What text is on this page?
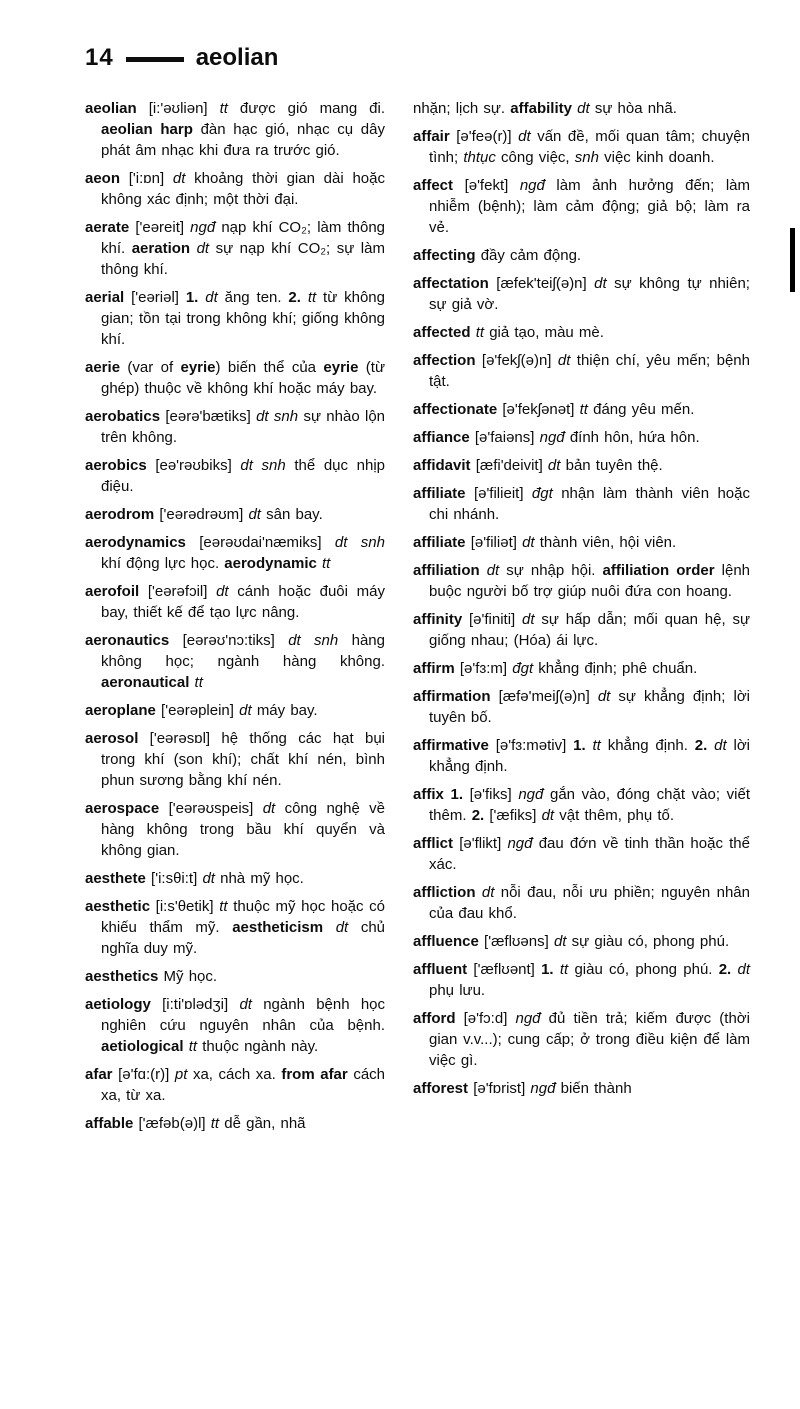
14	aeolian

aeolian [i:'əʊliən] tt được gió mang đi. aeolian harp đàn hạc gió, nhạc cụ dây phát âm nhạc khi đưa ra trước gió.

aeon ['i:ɒn] dt khoảng thời gian dài hoặc không xác định; một thời đại.

aerate ['eəreit] ngđ nạp khí CO₂; làm thông khí. aeration dt sự nạp khí CO₂; sự làm thông khí.

aerial ['eəriəl] 1. dt ăng ten. 2. tt từ không gian; tồn tại trong không khí; giống không khí.

aerie (var of eyrie) biến thể của eyrie (từ ghép) thuộc về không khí hoặc máy bay.

aerobatics [eərə'bætiks] dt snh sự nhào lộn trên không.

aerobics [eə'rəʊbiks] dt snh thể dục nhịp điệu.

aerodrom ['eərədrəʊm] dt sân bay.

aerodynamics [eərəʊdai'næmiks] dt snh khí động lực học. aerodynamic tt

aerofoil ['eərəfɔil] dt cánh hoặc đuôi máy bay, thiết kế để tạo lực nâng.

aeronautics [eərəʊ'nɔ:tiks] dt snh hàng không học; ngành hàng không. aeronautical tt

aeroplane ['eərəplein] dt máy bay.

aerosol ['eərəsɒl] hệ thống các hạt bụi trong khí (son khí); chất khí nén, bình phun sương bằng khí nén.

aerospace ['eərəʊspeis] dt công nghệ về hàng không trong bầu khí quyển và không gian.

aesthete ['i:sθi:t] dt nhà mỹ học.

aesthetic [i:s'θetik] tt thuộc mỹ học hoặc có khiếu thẩm mỹ. aestheticism dt chủ nghĩa duy mỹ.

aesthetics Mỹ học.

aetiology [i:ti'ɒlədʒi] dt ngành bệnh học nghiên cứu nguyên nhân của bệnh. aetiological tt thuộc ngành này.

afar [ə'fɑ:(r)] pt xa, cách xa. from afar cách xa, từ xa.

affable ['æfəb(ə)l] tt dễ gần, nhã

nhặn; lịch sự. affability dt sự hòa nhã.

affair [ə'feə(r)] dt vấn đề, mối quan tâm; chuyện tình; thtục công việc, snh việc kinh doanh.

affect [ə'fekt] ngđ làm ảnh hưởng đến; làm nhiễm (bệnh); làm cảm động; giả bộ; làm ra vẻ.

affecting đầy cảm động.

affectation [æfek'teiʃ(ə)n] dt sự không tự nhiên; sự giả vờ.

affected tt giả tạo, màu mè.

affection [ə'fekʃ(ə)n] dt thiện chí, yêu mến; bệnh tật.

affectionate [ə'fekʃənət] tt đáng yêu mến.

affiance [ə'faiəns] ngđ đính hôn, hứa hôn.

affidavit [æfi'deivit] dt bản tuyên thệ.

affiliate [ə'filieit] đgt nhận làm thành viên hoặc chi nhánh.

affiliate [ə'filiət] dt thành viên, hội viên.

affiliation dt sự nhập hội. affiliation order lệnh buộc người bố trợ giúp nuôi đứa con hoang.

affinity [ə'finiti] dt sự hấp dẫn; mối quan hệ, sự giống nhau; (Hóa) ái lực.

affirm [ə'fɜ:m] đgt khẳng định; phê chuẩn.

affirmation [æfə'meiʃ(ə)n] dt sự khẳng định; lời tuyên bố.

affirmative [ə'fɜ:mətiv] 1. tt khẳng định. 2. dt lời khẳng định.

affix 1. [ə'fiks] ngđ gắn vào, đóng chặt vào; viết thêm. 2. ['æfiks] dt vật thêm, phụ tố.

afflict [ə'flikt] ngđ đau đớn về tinh thần hoặc thể xác.

affliction dt nỗi đau, nỗi ưu phiền; nguyên nhân của đau khổ.

affluence ['æflʊəns] dt sự giàu có, phong phú.

affluent ['æflʊənt] 1. tt giàu có, phong phú. 2. dt phụ lưu.

afford [ə'fɔ:d] ngđ đủ tiền trả; kiếm được (thời gian v.v...); cung cấp; ở trong điều kiện để làm việc gì.

afforest [ə'fɒrist] ngđ biến thành
